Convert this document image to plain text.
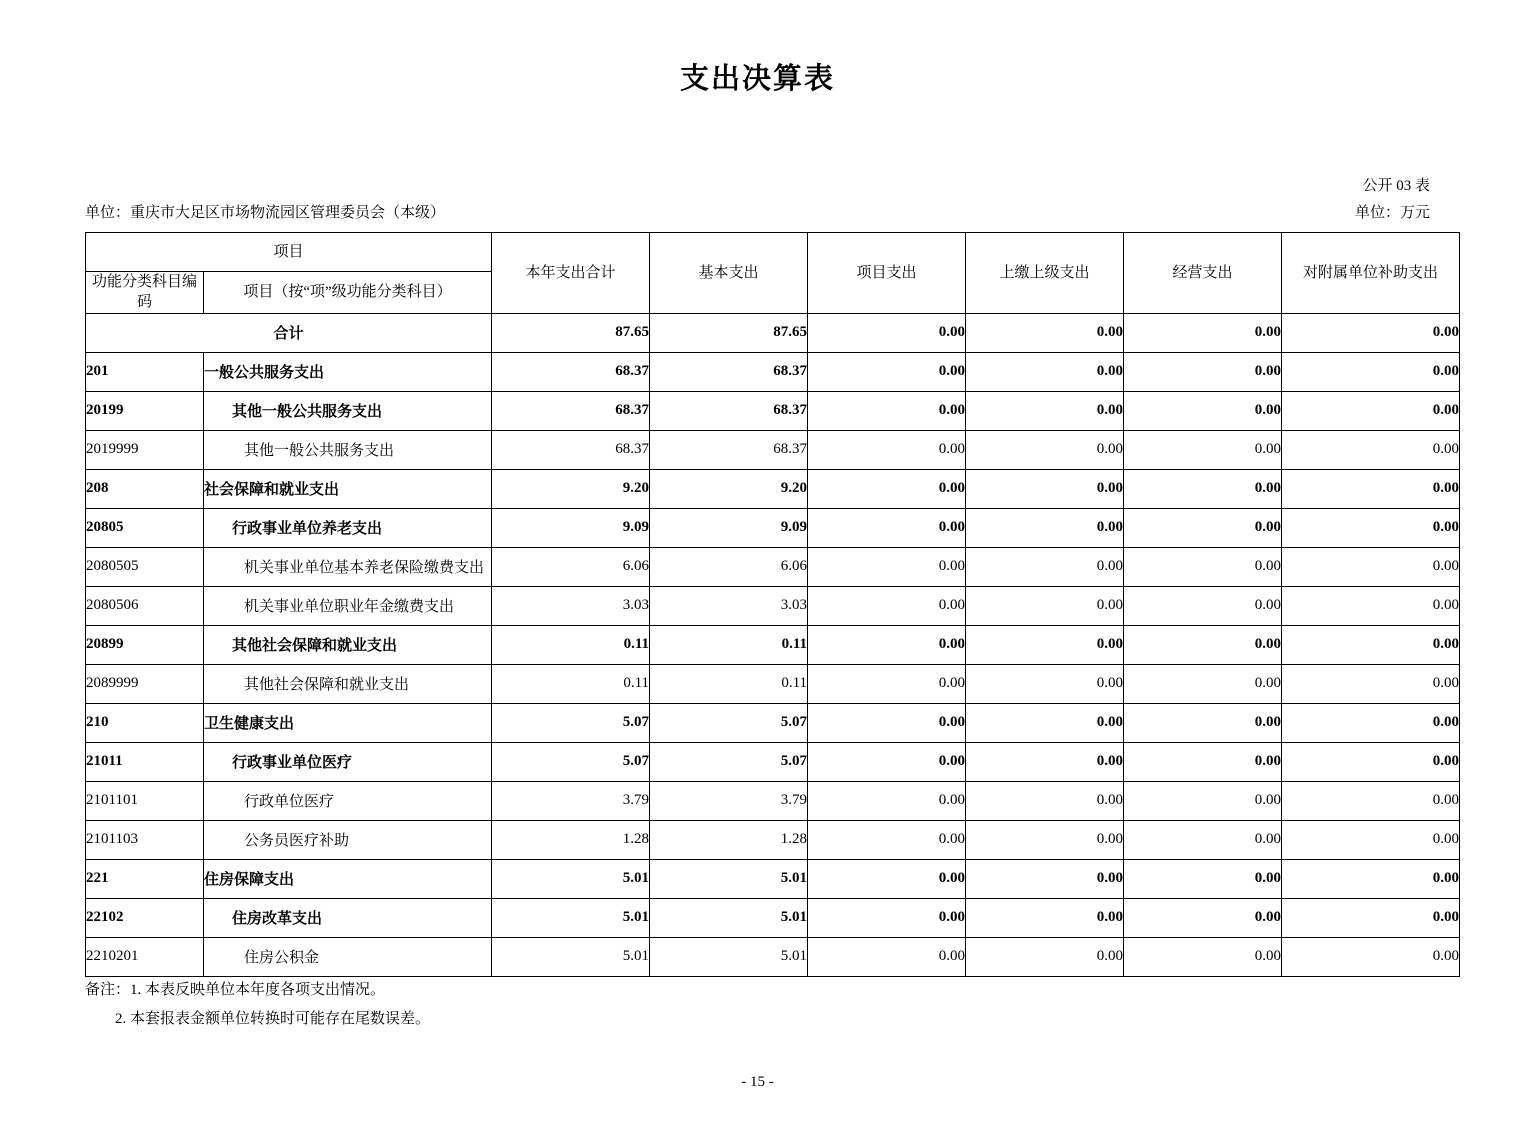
支出决算表
公开 03 表
单位：重庆市大足区市场物流园区管理委员会（本级）	单位：万元
项目		本年支出合计	基本支出	项目支出	上缴上级支出	经营支出	对附属单位补助支出
功能分类科目编码	项目（按“项”级功能分类科目）						
合计		87.65	87.65	0.00	0.00	0.00	0.00
201	一般公共服务支出	68.37	68.37	0.00	0.00	0.00	0.00
20199	其他一般公共服务支出	68.37	68.37	0.00	0.00	0.00	0.00
2019999	其他一般公共服务支出	68.37	68.37	0.00	0.00	0.00	0.00
208	社会保障和就业支出	9.20	9.20	0.00	0.00	0.00	0.00
20805	行政事业单位养老支出	9.09	9.09	0.00	0.00	0.00	0.00
2080505	机关事业单位基本养老保险缴费支出	6.06	6.06	0.00	0.00	0.00	0.00
2080506	机关事业单位职业年金缴费支出	3.03	3.03	0.00	0.00	0.00	0.00
20899	其他社会保障和就业支出	0.11	0.11	0.00	0.00	0.00	0.00
2089999	其他社会保障和就业支出	0.11	0.11	0.00	0.00	0.00	0.00
210	卫生健康支出	5.07	5.07	0.00	0.00	0.00	0.00
21011	行政事业单位医疗	5.07	5.07	0.00	0.00	0.00	0.00
2101101	行政单位医疗	3.79	3.79	0.00	0.00	0.00	0.00
2101103	公务员医疗补助	1.28	1.28	0.00	0.00	0.00	0.00
221	住房保障支出	5.01	5.01	0.00	0.00	0.00	0.00
22102	住房改革支出	5.01	5.01	0.00	0.00	0.00	0.00
2210201	住房公积金	5.01	5.01	0.00	0.00	0.00	0.00
备注：1. 本表反映单位本年度各项支出情况。
2. 本套报表金额单位转换时可能存在尾数误差。
- 15 -
